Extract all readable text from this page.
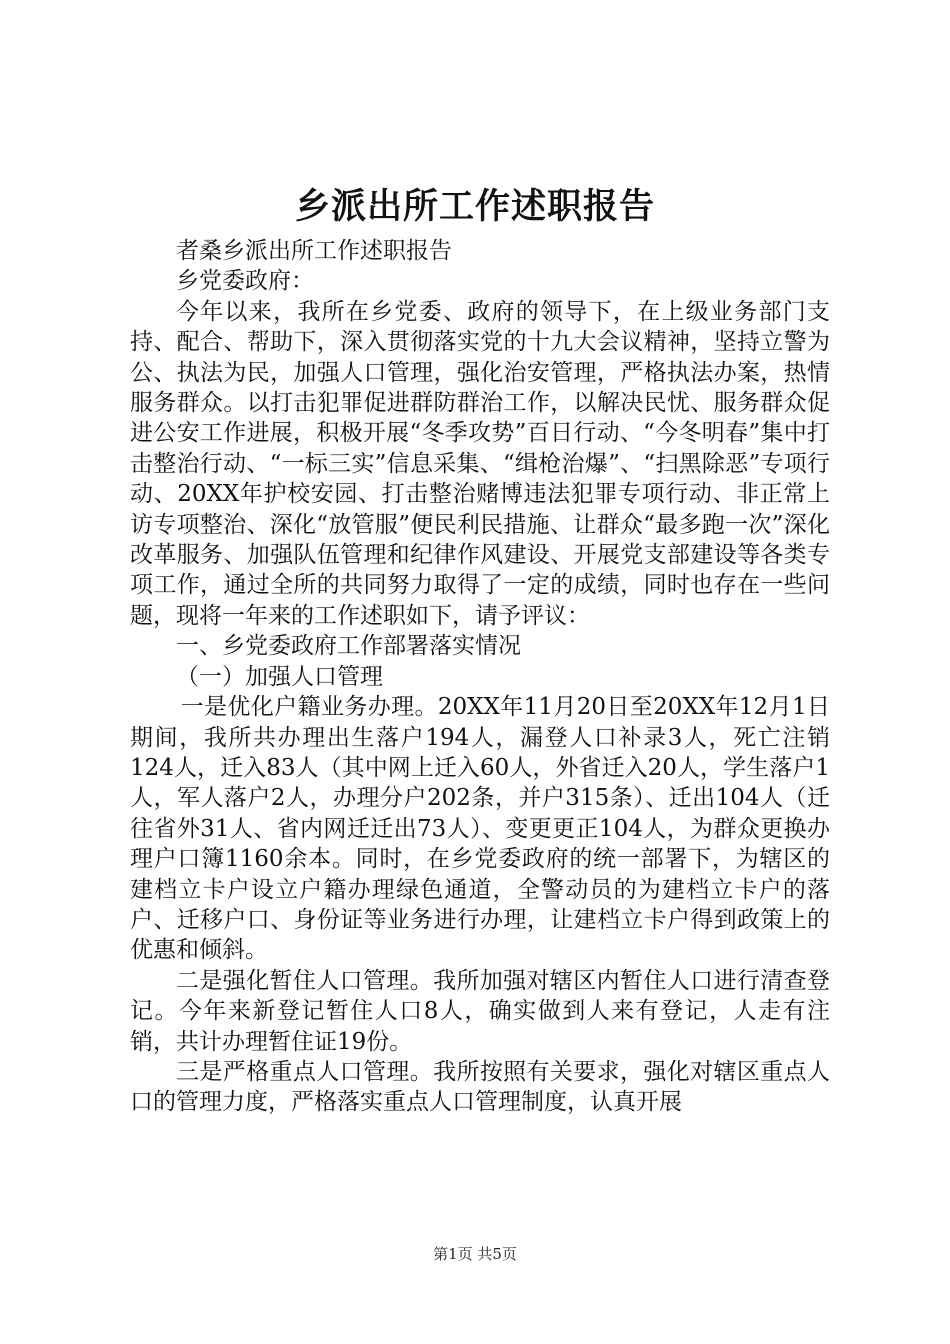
乡派出所工作述职报告

者桑乡派出所工作述职报告

乡党委政府：

今年以来，我所在乡党委、政府的领导下，在上级业务部门支持、配合、帮助下，深入贯彻落实党的十九大会议精神，坚持立警为公、执法为民，加强人口管理，强化治安管理，严格执法办案，热情服务群众。以打击犯罪促进群防群治工作，以解决民忧、服务群众促进公安工作进展，积极开展“冬季攻势”百日行动、“今冬明春”集中打击整治行动、“一标三实”信息采集、“缉枪治爆”、“扫黑除恶”专项行动、20XX年护校安园、打击整治赌博违法犯罪专项行动、非正常上访专项整治、深化“放管服”便民利民措施、让群众“最多跑一次”深化改革服务、加强队伍管理和纪律作风建设、开展党支部建设等各类专项工作，通过全所的共同努力取得了一定的成绩，同时也存在一些问题，现将一年来的工作述职如下，请予评议：

一、乡党委政府工作部署落实情况

（一）加强人口管理

一是优化户籍业务办理。20XX年11月20日至20XX年12月1日期间，我所共办理出生落户194人，漏登人口补录3人，死亡注销124人，迁入83人（其中网上迁入60人，外省迁入20人，学生落户1人，军人落户2人，办理分户202条，并户315条）、迁出104人（迁往省外31人、省内网迁迁出73人）、变更更正104人，为群众更换办理户口簿1160余本。同时，在乡党委政府的统一部署下，为辖区的建档立卡户设立户籍办理绿色通道，全警动员的为建档立卡户的落户、迁移户口、身份证等业务进行办理，让建档立卡户得到政策上的优惠和倾斜。

二是强化暂住人口管理。我所加强对辖区内暂住人口进行清查登记。今年来新登记暂住人口8人，确实做到人来有登记，人走有注销，共计办理暂住证19份。

三是严格重点人口管理。我所按照有关要求，强化对辖区重点人口的管理力度，严格落实重点人口管理制度，认真开展

第1页 共5页
